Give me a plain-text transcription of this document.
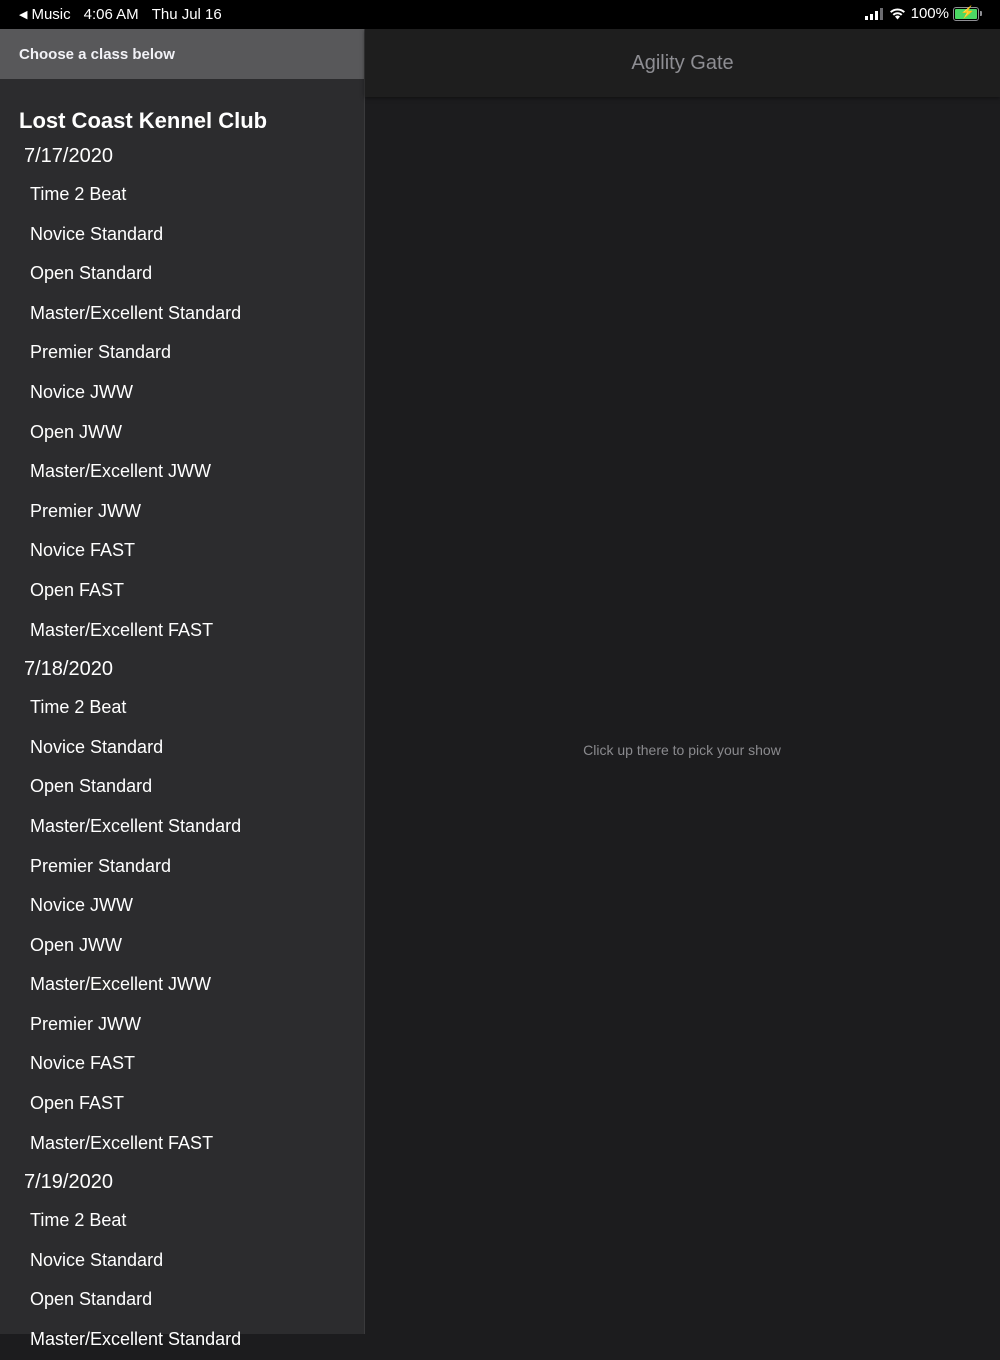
◀ Music 4:06 AM Thu Jul 16	100% ⚡
Choose a class below
Lost Coast Kennel Club
7/17/2020
Time 2 Beat
Novice Standard
Open Standard
Master/Excellent Standard
Premier Standard
Novice JWW
Open JWW
Master/Excellent JWW
Premier JWW
Novice FAST
Open FAST
Master/Excellent FAST
7/18/2020
Time 2 Beat
Novice Standard
Open Standard
Master/Excellent Standard
Premier Standard
Novice JWW
Open JWW
Master/Excellent JWW
Premier JWW
Novice FAST
Open FAST
Master/Excellent FAST
7/19/2020
Time 2 Beat
Novice Standard
Open Standard
Master/Excellent Standard
Agility Gate
Click up there to pick your show
